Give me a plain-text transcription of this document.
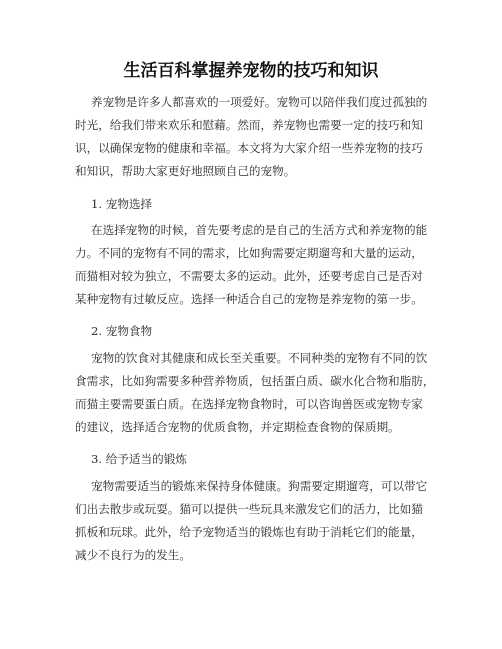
生活百科掌握养宠物的技巧和知识
养宠物是许多人都喜欢的一项爱好。宠物可以陪伴我们度过孤独的
时光，给我们带来欢乐和慰藉。然而，养宠物也需要一定的技巧和知
识，以确保宠物的健康和幸福。本文将为大家介绍一些养宠物的技巧
和知识，帮助大家更好地照顾自己的宠物。
1. 宠物选择
在选择宠物的时候，首先要考虑的是自己的生活方式和养宠物的能
力。不同的宠物有不同的需求，比如狗需要定期遛弯和大量的运动，
而猫相对较为独立，不需要太多的运动。此外，还要考虑自己是否对
某种宠物有过敏反应。选择一种适合自己的宠物是养宠物的第一步。
2. 宠物食物
宠物的饮食对其健康和成长至关重要。不同种类的宠物有不同的饮
食需求，比如狗需要多种营养物质，包括蛋白质、碳水化合物和脂肪，
而猫主要需要蛋白质。在选择宠物食物时，可以咨询兽医或宠物专家
的建议，选择适合宠物的优质食物，并定期检查食物的保质期。
3. 给予适当的锻炼
宠物需要适当的锻炼来保持身体健康。狗需要定期遛弯，可以带它
们出去散步或玩耍。猫可以提供一些玩具来激发它们的活力，比如猫
抓板和玩球。此外，给予宠物适当的锻炼也有助于消耗它们的能量，
减少不良行为的发生。
